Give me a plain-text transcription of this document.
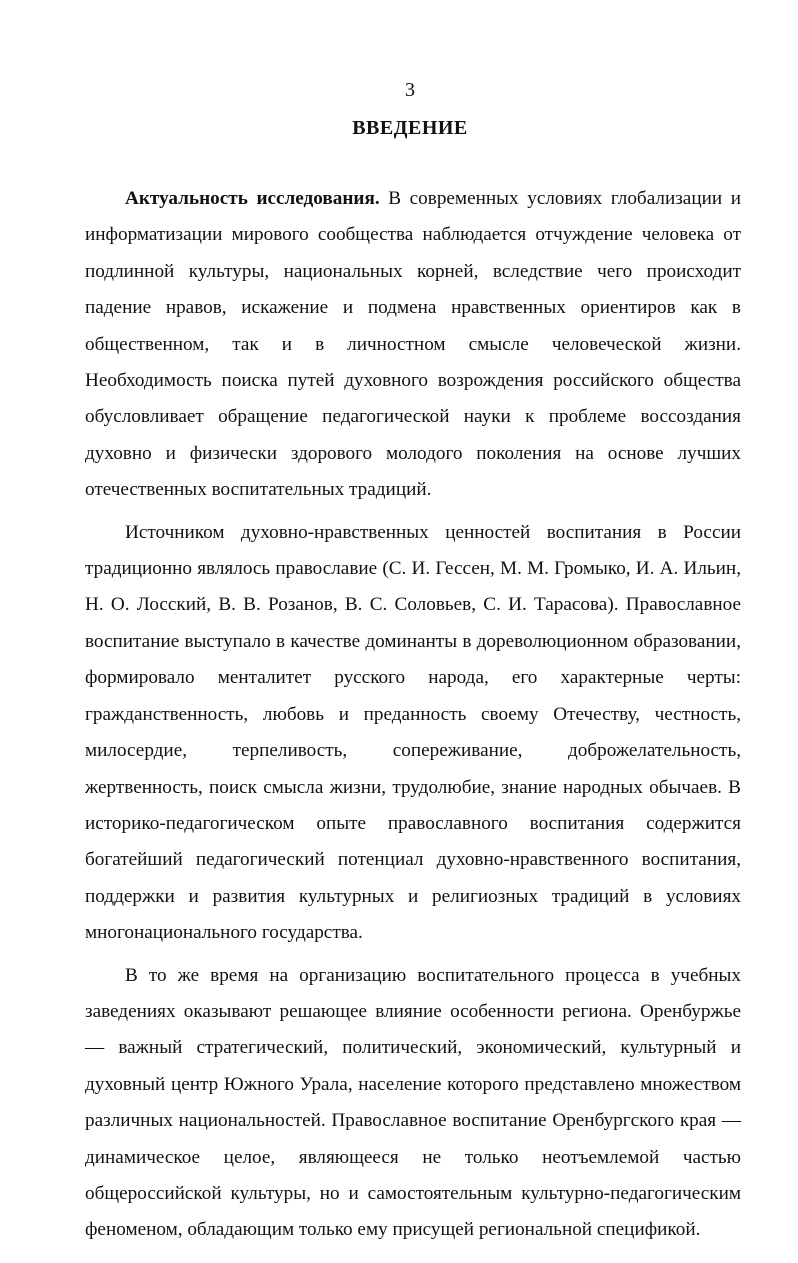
3
ВВЕДЕНИЕ

Актуальность исследования. В современных условиях глобализации и информатизации мирового сообщества наблюдается отчуждение человека от подлинной культуры, национальных корней, вследствие чего происходит падение нравов, искажение и подмена нравственных ориентиров как в общественном, так и в личностном смысле человеческой жизни. Необходимость поиска путей духовного возрождения российского общества обусловливает обращение педагогической науки к проблеме воссоздания духовно и физически здорового молодого поколения на основе лучших отечественных воспитательных традиций.

Источником духовно-нравственных ценностей воспитания в России традиционно являлось православие (С. И. Гессен, М. М. Громыко, И. А. Ильин, Н. О. Лосский, В. В. Розанов, В. С. Соловьев, С. И. Тарасова). Православное воспитание выступало в качестве доминанты в дореволюционном образовании, формировало менталитет русского народа, его характерные черты: гражданственность, любовь и преданность своему Отечеству, честность, милосердие, терпеливость, сопереживание, доброжелательность, жертвенность, поиск смысла жизни, трудолюбие, знание народных обычаев. В историко-педагогическом опыте православного воспитания содержится богатейший педагогический потенциал духовно-нравственного воспитания, поддержки и развития культурных и религиозных традиций в условиях многонационального государства.

В то же время на организацию воспитательного процесса в учебных заведениях оказывают решающее влияние особенности региона. Оренбуржье — важный стратегический, политический, экономический, культурный и духовный центр Южного Урала, население которого представлено множеством различных национальностей. Православное воспитание Оренбургского края — динамическое целое, являющееся не только неотъемлемой частью общероссийской культуры, но и самостоятельным культурно-педагогическим феноменом, обладающим только ему присущей региональной спецификой.
